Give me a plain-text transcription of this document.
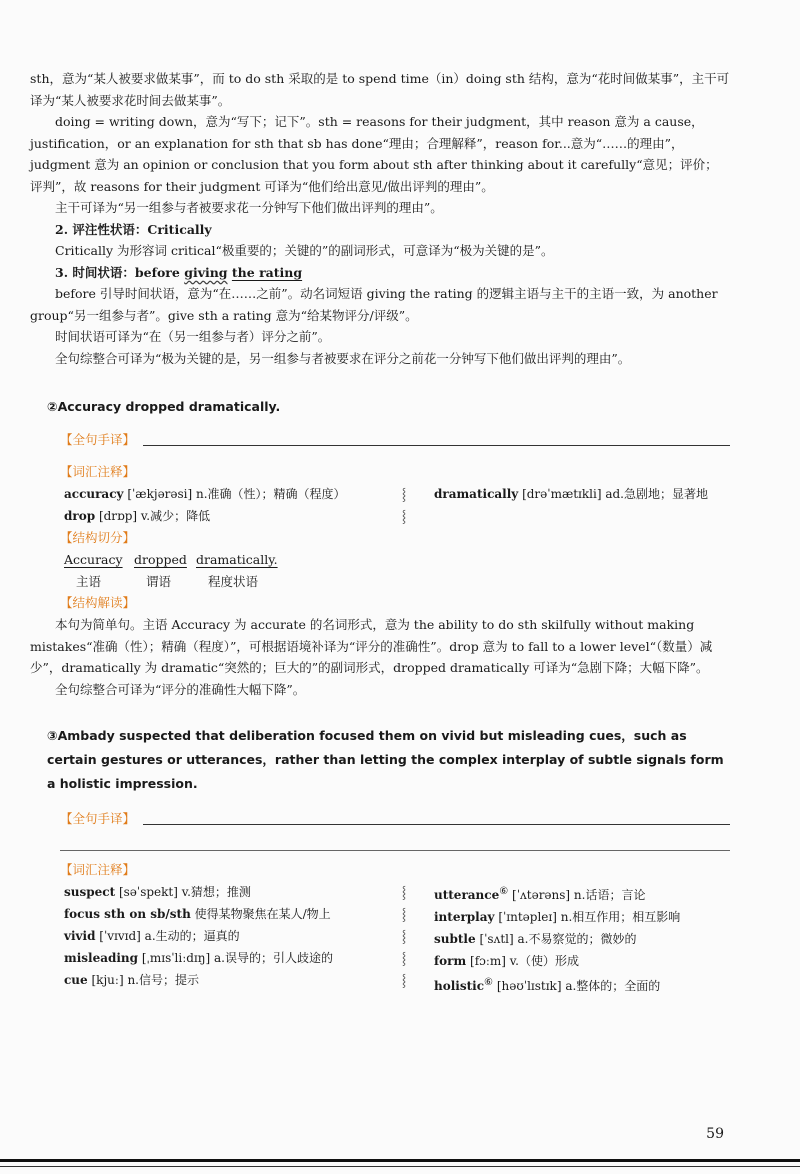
sth，意为“某人被要求做某事”，而 to do sth 采取的是 to spend time（in）doing sth 结构，意为“花时间做某事”，主干可译为“某人被要求花时间去做某事”。

doing = writing down，意为“写下；记下”。sth = reasons for their judgment，其中 reason 意为 a cause，justification，or an explanation for sth that sb has done“理由；合理解释”，reason for...意为“……的理由”，judgment 意为 an opinion or conclusion that you form about sth after thinking about it carefully“意见；评价；评判”，故 reasons for their judgment 可译为“他们给出意见/做出评判的理由”。

主干可译为“另一组参与者被要求花一分钟写下他们做出评判的理由”。

2. 评注性状语：Critically

Critically 为形容词 critical“极重要的；关键的”的副词形式，可意译为“极为关键的是”。

3. 时间状语：before giving the rating

before 引导时间状语，意为“在……之前”。动名词短语 giving the rating 的逻辑主语与主干的主语一致，为 another group“另一组参与者”。give sth a rating 意为“给某物评分/评级”。

时间状语可译为“在（另一组参与者）评分之前”。

全句综整合可译为“极为关键的是，另一组参与者被要求在评分之前花一分钟写下他们做出评判的理由”。

②Accuracy dropped dramatically.

【全句手译】
【词汇注释】
accuracy [ˈækjərəsi] n.准确（性）；精确（程度）
drop [drɒp] v.减少；降低
⸾
⸾
dramatically [drəˈmætɪkli] ad.急剧地；显著地
【结构切分】
Accuracy dropped dramatically.
主语	谓语	程度状语
【结构解读】

本句为简单句。主语 Accuracy 为 accurate 的名词形式，意为 the ability to do sth skilfully without making mistakes“准确（性）；精确（程度）”，可根据语境补译为“评分的准确性”。drop 意为 to fall to a lower level“（数量）减少”，dramatically 为 dramatic“突然的；巨大的”的副词形式，dropped dramatically 可译为“急剧下降；大幅下降”。

全句综整合可译为“评分的准确性大幅下降”。

③Ambady suspected that deliberation focused them on vivid but misleading cues，such as certain gestures or utterances，rather than letting the complex interplay of subtle signals form a holistic impression.

【全句手译】
【词汇注释】
suspect [səˈspekt] v.猜想；推测
focus sth on sb/sth 使得某物聚焦在某人/物上
vivid [ˈvɪvɪd] a.生动的；逼真的
misleading [ˌmɪsˈliːdɪŋ] a.误导的；引人歧途的
cue [kjuː] n.信号；提示
⸾
⸾
⸾
⸾
⸾
utterance⑥ [ˈʌtərəns] n.话语；言论
interplay [ˈɪntəpleɪ] n.相互作用；相互影响
subtle [ˈsʌtl] a.不易察觉的；微妙的
form [fɔːm] v.（使）形成
holistic⑥ [həʊˈlɪstɪk] a.整体的；全面的
59
